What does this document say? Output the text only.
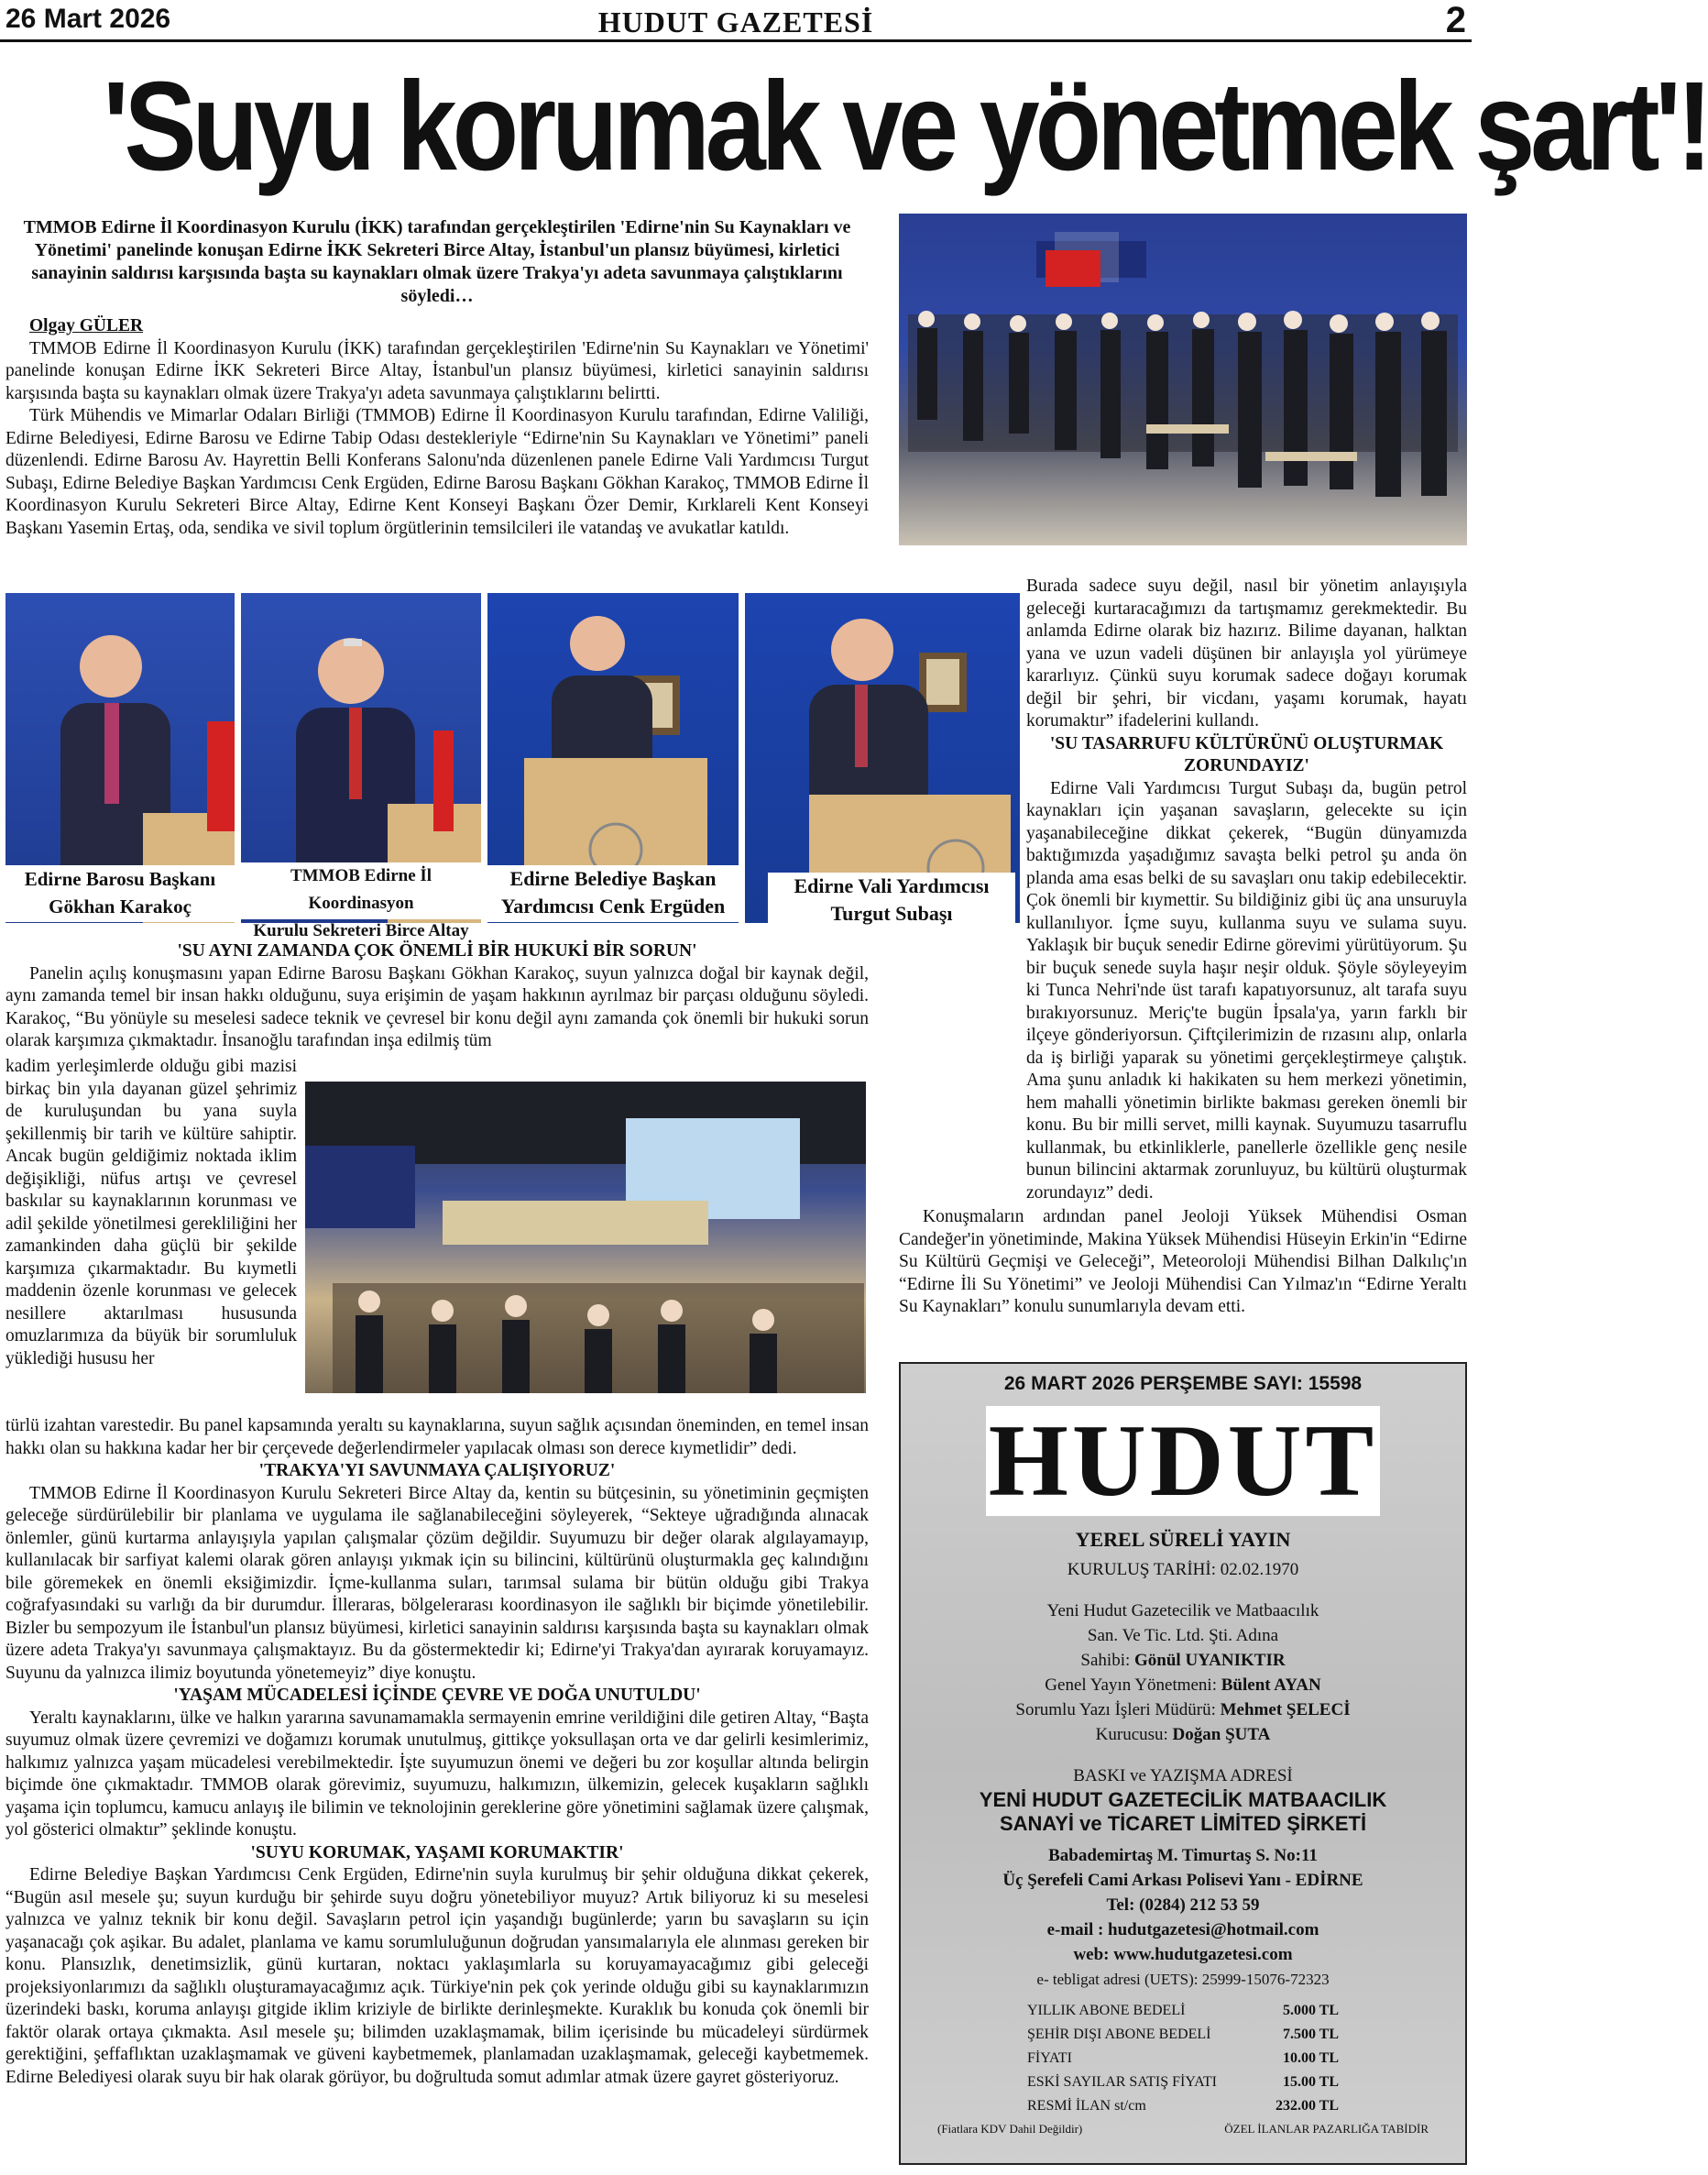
26 Mart 2026	HUDUT GAZETESİ	2
'Suyu korumak ve yönetmek şart'!
TMMOB Edirne İl Koordinasyon Kurulu (İKK) tarafından gerçekleştirilen 'Edirne'nin Su Kaynakları ve Yönetimi' panelinde konuşan Edirne İKK Sekreteri Birce Altay, İstanbul'un plansız büyümesi, kirletici sanayinin saldırısı karşısında başta su kaynakları olmak üzere Trakya'yı adeta savunmaya çalıştıklarını söyledi…

Olgay GÜLER

TMMOB Edirne İl Koordinasyon Kurulu (İKK) tarafından gerçekleştirilen 'Edirne'nin Su Kaynakları ve Yönetimi' panelinde konuşan Edirne İKK Sekreteri Birce Altay, İstanbul'un plansız büyümesi, kirletici sanayinin saldırısı karşısında başta su kaynakları olmak üzere Trakya'yı adeta savunmaya çalıştıklarını belirtti.

Türk Mühendis ve Mimarlar Odaları Birliği (TMMOB) Edirne İl Koordinasyon Kurulu tarafından, Edirne Valiliği, Edirne Belediyesi, Edirne Barosu ve Edirne Tabip Odası destekleriyle “Edirne'nin Su Kaynakları ve Yönetimi” paneli düzenlendi. Edirne Barosu Av. Hayrettin Belli Konferans Salonu'nda düzenlenen panele Edirne Vali Yardımcısı Turgut Subaşı, Edirne Belediye Başkan Yardımcısı Cenk Ergüden, Edirne Barosu Başkanı Gökhan Karakoç, TMMOB Edirne İl Koordinasyon Kurulu Sekreteri Birce Altay, Edirne Kent Konseyi Başkanı Özer Demir, Kırklareli Kent Konseyi Başkanı Yasemin Ertaş, oda, sendika ve sivil toplum örgütlerinin temsilcileri ile vatandaş ve avukatlar katıldı.

Edirne Barosu Başkanı
Gökhan Karakoç
TMMOB Edirne İl Koordinasyon
Kurulu Sekreteri Birce Altay
Edirne Belediye Başkan
Yardımcısı Cenk Ergüden
Edirne Vali Yardımcısı
Turgut Subaşı

Burada sadece suyu değil, nasıl bir yönetim anlayışıyla geleceği kurtaracağımızı da tartışmamız gerekmektedir. Bu anlamda Edirne olarak biz hazırız. Bilime dayanan, halktan yana ve uzun vadeli düşünen bir anlayışla yol yürümeye kararlıyız. Çünkü suyu korumak sadece doğayı korumak değil bir şehri, bir vicdanı, yaşamı korumak, hayatı korumaktır” ifadelerini kullandı.

'SU TASARRUFU KÜLTÜRÜNÜ OLUŞTURMAK ZORUNDAYIZ'

Edirne Vali Yardımcısı Turgut Subaşı da, bugün petrol kaynakları için yaşanan savaşların, gelecekte su için yaşanabileceğine dikkat çekerek, “Bugün dünyamızda baktığımızda yaşadığımız savaşta belki petrol şu anda ön planda ama esas belki de su savaşları onu takip edebilecektir. Çok önemli bir kıymettir. Su bildiğiniz gibi üç ana unsuruyla kullanılıyor. İçme suyu, kullanma suyu ve sulama suyu. Yaklaşık bir buçuk senedir Edirne görevimi yürütüyorum. Şu bir buçuk senede suyla haşır neşir olduk. Şöyle söyleyeyim ki Tunca Nehri'nde üst tarafı kapatıyorsunuz, alt tarafa suyu bırakıyorsunuz. Meriç'te bugün İpsala'ya, yarın farklı bir ilçeye gönderiyorsun. Çiftçilerimizin de rızasını alıp, onlarla da iş birliği yaparak su yönetimi gerçekleştirmeye çalıştık. Ama şunu anladık ki hakikaten su hem merkezi yönetimin, hem mahalli yönetimin birlikte bakması gereken önemli bir konu. Bu bir milli servet, milli kaynak. Suyumuzu tasarruflu kullanmak, bu etkinliklerle, panellerle özellikle genç nesile bunun bilincini aktarmak zorunluyuz, bu kültürü oluşturmak zorundayız” dedi.

Konuşmaların ardından panel Jeoloji Yüksek Mühendisi Osman Candeğer'in yönetiminde, Makina Yüksek Mühendisi Hüseyin Erkin'in “Edirne Su Kültürü Geçmişi ve Geleceği”, Meteoroloji Mühendisi Bilhan Dalkılıç'ın “Edirne İli Su Yönetimi” ve Jeoloji Mühendisi Can Yılmaz'ın “Edirne Yeraltı Su Kaynakları” konulu sunumlarıyla devam etti.

'SU AYNI ZAMANDA ÇOK ÖNEMLİ BİR HUKUKİ BİR SORUN'

Panelin açılış konuşmasını yapan Edirne Barosu Başkanı Gökhan Karakoç, suyun yalnızca doğal bir kaynak değil, aynı zamanda temel bir insan hakkı olduğunu, suya erişimin de yaşam hakkının ayrılmaz bir parçası olduğunu söyledi. Karakoç, “Bu yönüyle su meselesi sadece teknik ve çevresel bir konu değil aynı zamanda çok önemli bir hukuki sorun olarak karşımıza çıkmaktadır. İnsanoğlu tarafından inşa edilmiş tüm

kadim yerleşimlerde olduğu gibi mazisi birkaç bin yıla dayanan güzel şehrimiz de kuruluşundan bu yana suyla şekillenmiş bir tarih ve kültüre sahiptir. Ancak bugün geldiğimiz noktada iklim değişikliği, nüfus artışı ve çevresel baskılar su kaynaklarının korunması ve adil şekilde yönetilmesi gerekliliğini her zamankinden daha güçlü bir şekilde karşımıza çıkarmaktadır. Bu kıymetli maddenin özenle korunması ve gelecek nesillere aktarılması hususunda omuzlarımıza da büyük bir sorumluluk yüklediği hususu her

türlü izahtan varestedir. Bu panel kapsamında yeraltı su kaynaklarına, suyun sağlık açısından öneminden, en temel insan hakkı olan su hakkına kadar her bir çerçevede değerlendirmeler yapılacak olması son derece kıymetlidir” dedi.

'TRAKYA'YI SAVUNMAYA ÇALIŞIYORUZ'

TMMOB Edirne İl Koordinasyon Kurulu Sekreteri Birce Altay da, kentin su bütçesinin, su yönetiminin geçmişten geleceğe sürdürülebilir bir planlama ve uygulama ile sağlanabileceğini söyleyerek, “Sekteye uğradığında alınacak önlemler, günü kurtarma anlayışıyla yapılan çalışmalar çözüm değildir. Suyumuzu bir değer olarak algılayamayıp, kullanılacak bir sarfiyat kalemi olarak gören anlayışı yıkmak için su bilincini, kültürünü oluşturmakla geç kalındığını bile göremekek en önemli eksiğimizdir. İçme-kullanma suları, tarımsal sulama bir bütün olduğu gibi Trakya coğrafyasındaki su varlığı da bir durumdur. İlleraras, bölgelerarası koordinasyon ile sağlıklı bir biçimde yönetilebilir. Bizler bu sempozyum ile İstanbul'un plansız büyümesi, kirletici sanayinin saldırısı karşısında başta su kaynakları olmak üzere adeta Trakya'yı savunmaya çalışmaktayız. Bu da göstermektedir ki; Edirne'yi Trakya'dan ayırarak koruyamayız. Suyunu da yalnızca ilimiz boyutunda yönetemeyiz” diye konuştu.

'YAŞAM MÜCADELESİ İÇİNDE ÇEVRE VE DOĞA UNUTULDU'

Yeraltı kaynaklarını, ülke ve halkın yararına savunamamakla sermayenin emrine verildiğini dile getiren Altay, “Başta suyumuz olmak üzere çevremizi ve doğamızı korumak unutulmuş, gittikçe yoksullaşan orta ve dar gelirli kesimlerimiz, halkımız yalnızca yaşam mücadelesi verebilmektedir. İşte suyumuzun önemi ve değeri bu zor koşullar altında belirgin biçimde öne çıkmaktadır. TMMOB olarak görevimiz, suyumuzu, halkımızın, ülkemizin, gelecek kuşakların sağlıklı yaşama için toplumcu, kamucu anlayış ile bilimin ve teknolojinin gereklerine göre yönetimini sağlamak üzere çalışmak, yol gösterici olmaktır” şeklinde konuştu.

'SUYU KORUMAK, YAŞAMI KORUMAKTIR'

Edirne Belediye Başkan Yardımcısı Cenk Ergüden, Edirne'nin suyla kurulmuş bir şehir olduğuna dikkat çekerek, “Bugün asıl mesele şu; suyun kurduğu bir şehirde suyu doğru yönetebiliyor muyuz? Artık biliyoruz ki su meselesi yalnızca ve yalnız teknik bir konu değil. Savaşların petrol için yaşandığı bugünlerde; yarın bu savaşların su için yaşanacağı çok aşikar. Bu adalet, planlama ve kamu sorumluluğunun doğrudan yansımalarıyla ele alınması gereken bir konu. Plansızlık, denetimsizlik, günü kurtaran, noktacı yaklaşımlarla su koruyamayacağımız gibi geleceği projeksiyonlarımızı da sağlıklı oluşturamayacağımız açık. Türkiye'nin pek çok yerinde olduğu gibi su kaynaklarımızın üzerindeki baskı, koruma anlayışı gitgide iklim kriziyle de birlikte derinleşmekte. Kuraklık bu konuda çok önemli bir faktör olarak ortaya çıkmakta. Asıl mesele şu; bilimden uzaklaşmamak, bilim içerisinde bu mücadeleyi sürdürmek gerektiğini, şeffaflıktan uzaklaşmamak ve güveni kaybetmemek, planlamadan uzaklaşmamak, geleceği kaybetmemek. Edirne Belediyesi olarak suyu bir hak olarak görüyor, bu doğrultuda somut adımlar atmak üzere gayret gösteriyoruz.

26 MART 2026 PERŞEMBE SAYI: 15598
HUDUT
YEREL SÜRELİ YAYIN
KURULUŞ TARİHİ: 02.02.1970
Yeni Hudut Gazetecilik ve Matbaacılık
San. Ve Tic. Ltd. Şti. Adına
Sahibi: Gönül UYANIKTIR
Genel Yayın Yönetmeni: Bülent AYAN
Sorumlu Yazı İşleri Müdürü: Mehmet ŞELECİ
Kurucusu: Doğan ŞUTA
BASKI ve YAZIŞMA ADRESİ
YENİ HUDUT GAZETECİLİK MATBAACILIK
SANAYİ ve TİCARET LİMİTED ŞİRKETİ
Babademirtaş M. Timurtaş S. No:11
Üç Şerefeli Cami Arkası Polisevi Yanı - EDİRNE
Tel: (0284) 212 53 59
e-mail : hudutgazetesi@hotmail.com
web: www.hudutgazetesi.com
e- tebligat adresi (UETS): 25999-15076-72323
YILLIK ABONE BEDELİ	5.000 TL
ŞEHİR DIŞI ABONE BEDELİ	7.500 TL
FİYATI	10.00 TL
ESKİ SAYILAR SATIŞ FİYATI	15.00 TL
RESMİ İLAN st/cm	232.00 TL
(Fiatlara KDV Dahil Değildir)	ÖZEL İLANLAR PAZARLIĞA TABİDİR
